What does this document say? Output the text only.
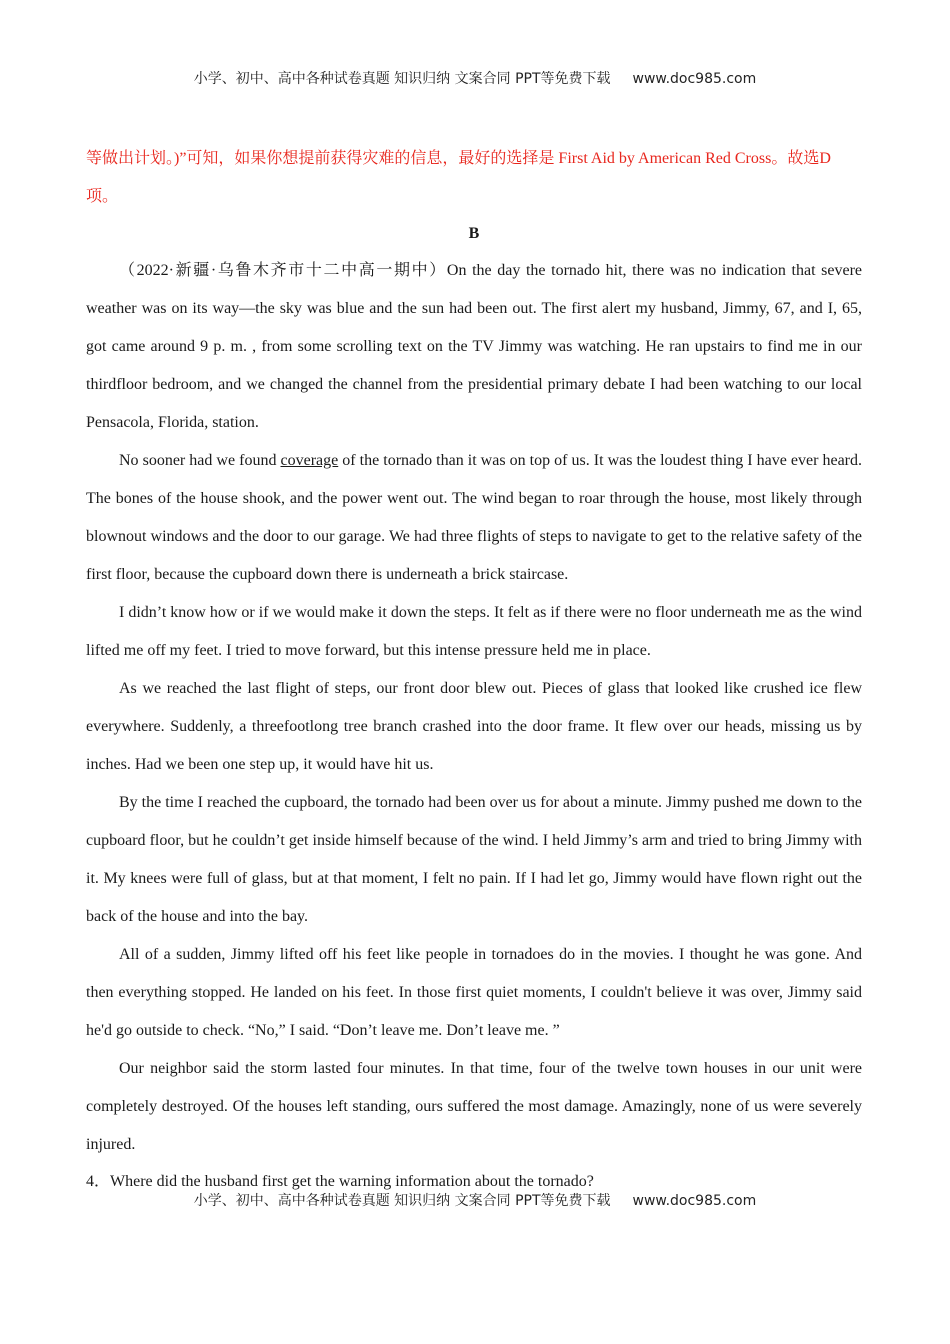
小学、初中、高中各种试卷真题 知识归纳 文案合同 PPT等免费下载 www.doc985.com

等做出计划。)”可知，如果你想提前获得灾难的信息，最好的选择是 First Aid by American Red Cross。故选D项。

B

（2022·新疆·乌鲁木齐市十二中高一期中）On the day the tornado hit, there was no indication that severe weather was on its way—the sky was blue and the sun had been out. The first alert my husband, Jimmy, 67, and I, 65, got came around 9 p. m. , from some scrolling text on the TV Jimmy was watching. He ran upstairs to find me in our thirdfloor bedroom, and we changed the channel from the presidential primary debate I had been watching to our local Pensacola, Florida, station.

No sooner had we found coverage of the tornado than it was on top of us. It was the loudest thing I have ever heard. The bones of the house shook, and the power went out. The wind began to roar through the house, most likely through blownout windows and the door to our garage. We had three flights of steps to navigate to get to the relative safety of the first floor, because the cupboard down there is underneath a brick staircase.

I didn’t know how or if we would make it down the steps. It felt as if there were no floor underneath me as the wind lifted me off my feet. I tried to move forward, but this intense pressure held me in place.

As we reached the last flight of steps, our front door blew out. Pieces of glass that looked like crushed ice flew everywhere. Suddenly, a threefootlong tree branch crashed into the door frame. It flew over our heads, missing us by inches. Had we been one step up, it would have hit us.

By the time I reached the cupboard, the tornado had been over us for about a minute. Jimmy pushed me down to the cupboard floor, but he couldn’t get inside himself because of the wind. I held Jimmy’s arm and tried to bring Jimmy with it. My knees were full of glass, but at that moment, I felt no pain. If I had let go, Jimmy would have flown right out the back of the house and into the bay.

All of a sudden, Jimmy lifted off his feet like people in tornadoes do in the movies. I thought he was gone. And then everything stopped. He landed on his feet. In those first quiet moments, I couldn't believe it was over, Jimmy said he'd go outside to check. “No,” I said. “Don’t leave me. Don’t leave me. ”

Our neighbor said the storm lasted four minutes. In that time, four of the twelve town houses in our unit were completely destroyed. Of the houses left standing, ours suffered the most damage. Amazingly, none of us were severely injured.

4．Where did the husband first get the warning information about the tornado?

小学、初中、高中各种试卷真题 知识归纳 文案合同 PPT等免费下载 www.doc985.com
